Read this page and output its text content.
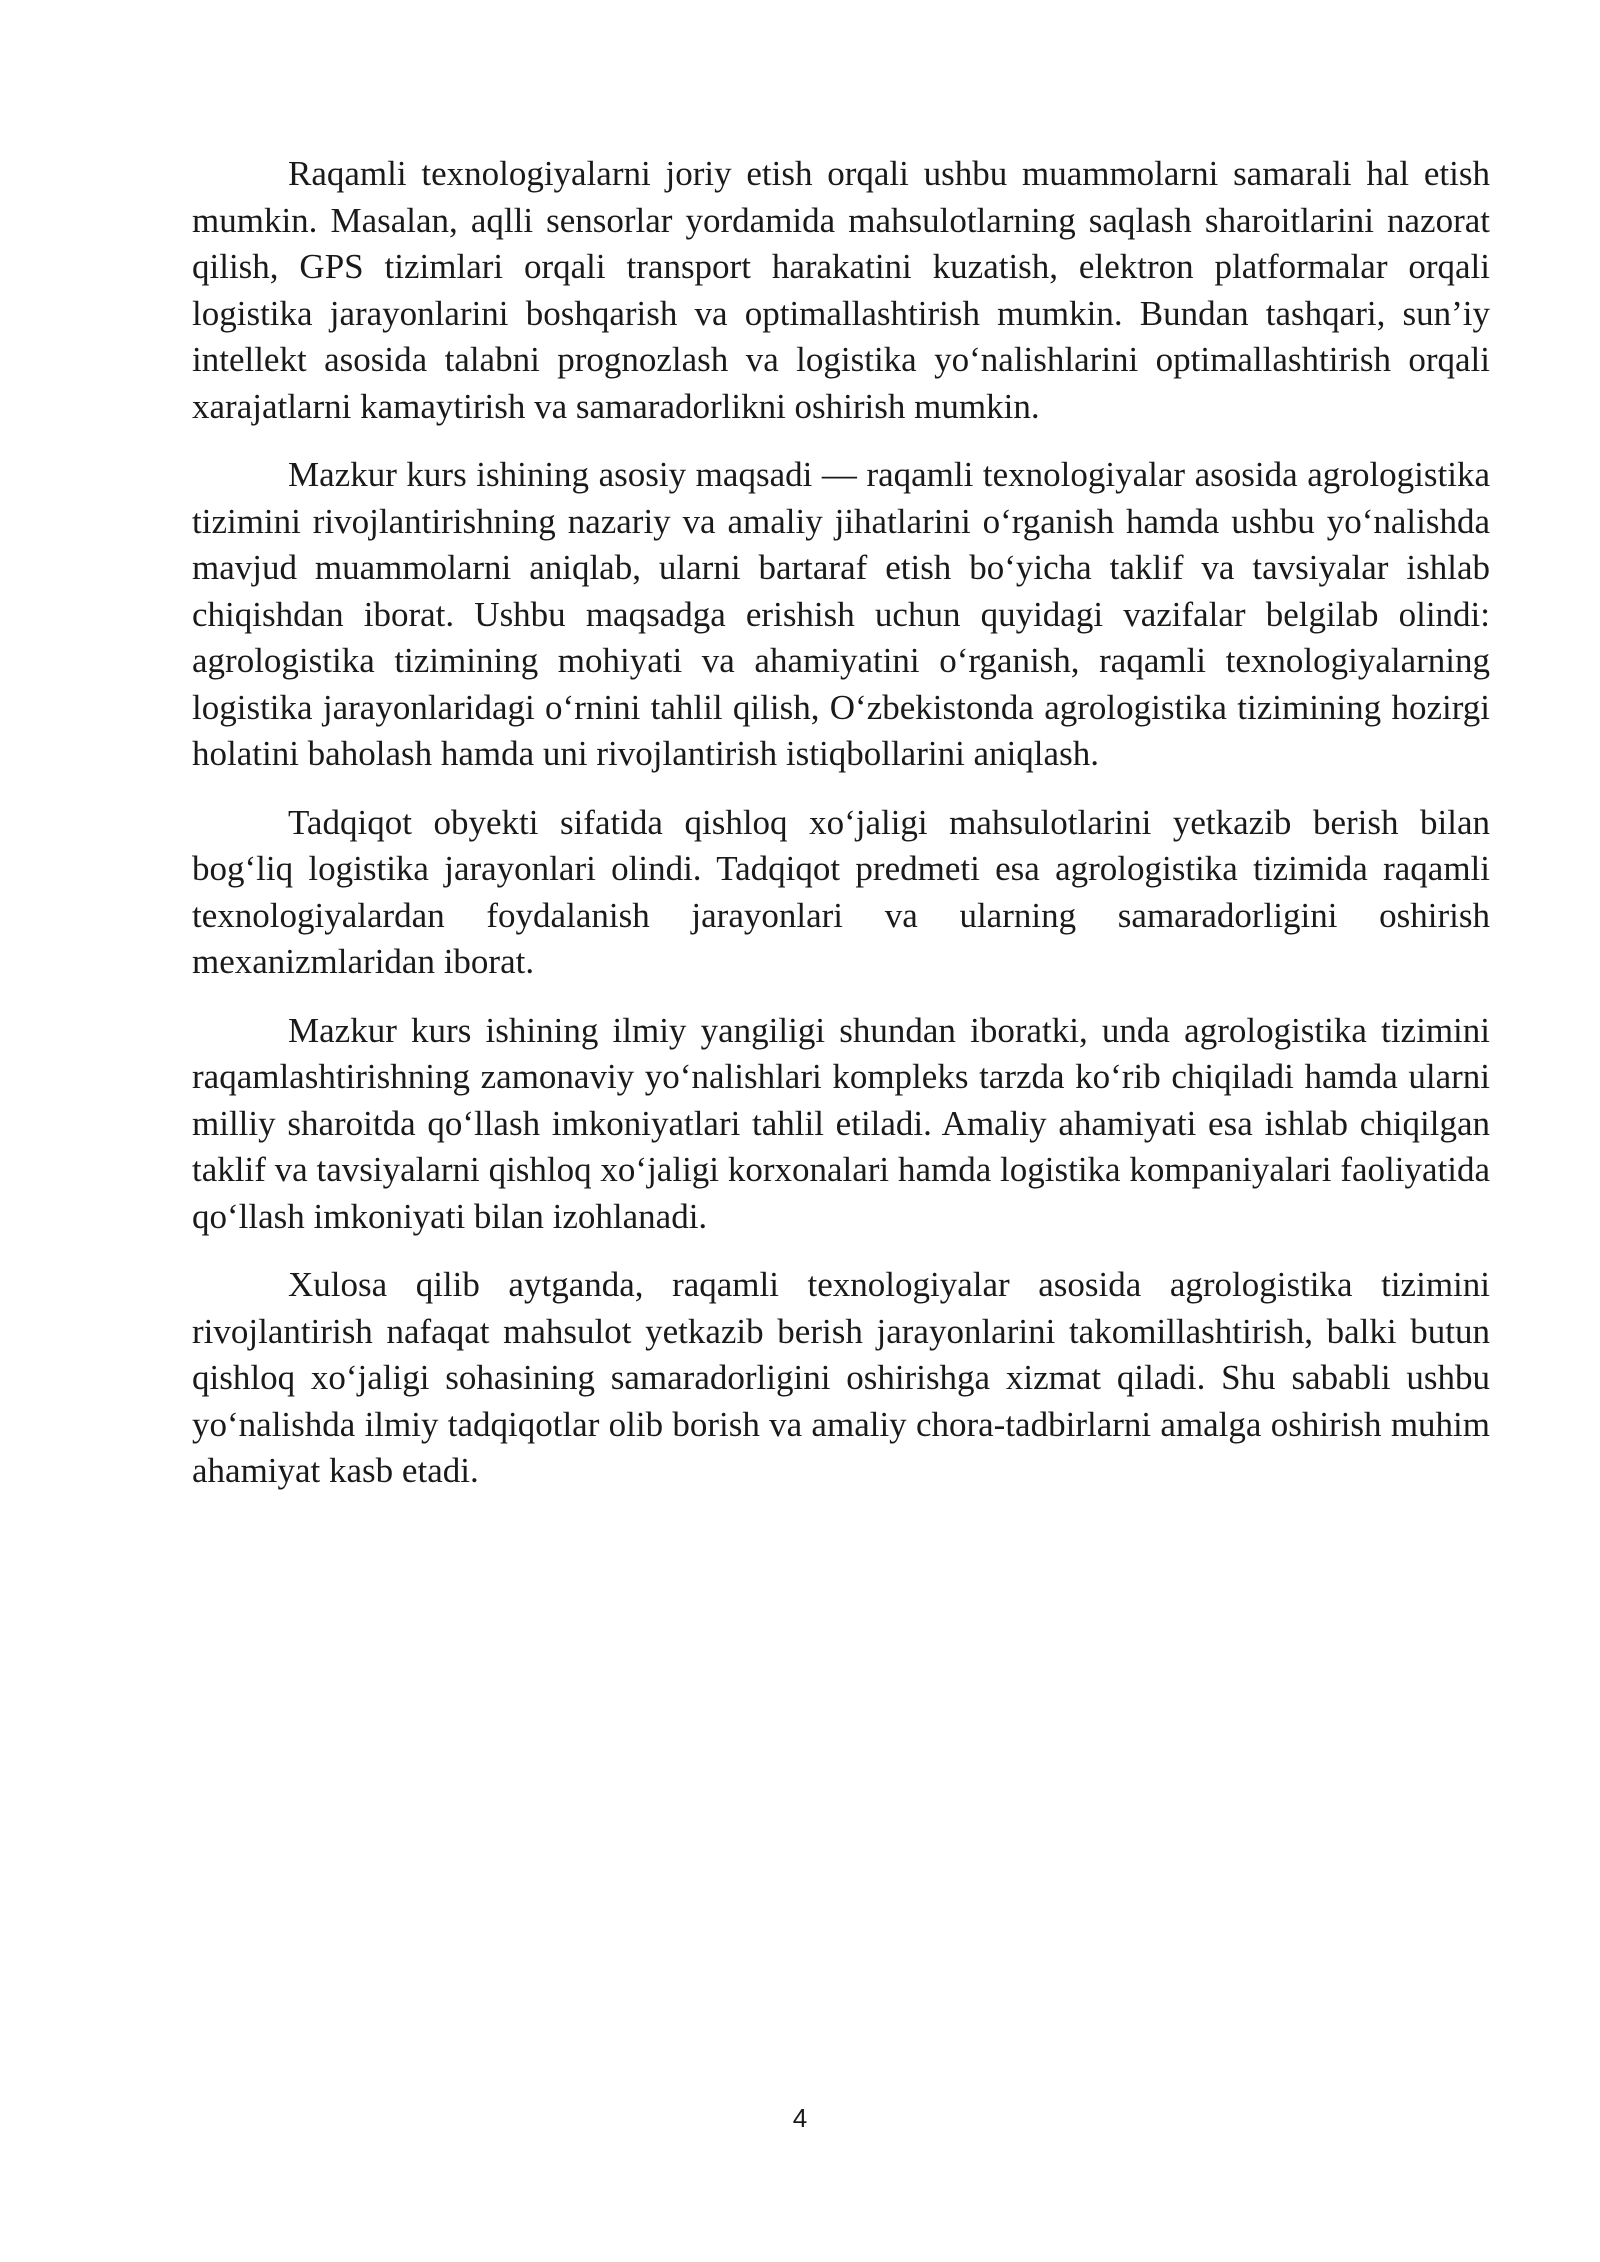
Raqamli texnologiyalarni joriy etish orqali ushbu muammolarni samarali hal etish mumkin. Masalan, aqlli sensorlar yordamida mahsulotlarning saqlash sharoitlarini nazorat qilish, GPS tizimlari orqali transport harakatini kuzatish, elektron platformalar orqali logistika jarayonlarini boshqarish va optimallashtirish mumkin. Bundan tashqari, sun’iy intellekt asosida talabni prognozlash va logistika yo‘nalishlarini optimallashtirish orqali xarajatlarni kamaytirish va samaradorlikni oshirish mumkin.

Mazkur kurs ishining asosiy maqsadi — raqamli texnologiyalar asosida agrologistika tizimini rivojlantirishning nazariy va amaliy jihatlarini o‘rganish hamda ushbu yo‘nalishda mavjud muammolarni aniqlab, ularni bartaraf etish bo‘yicha taklif va tavsiyalar ishlab chiqishdan iborat. Ushbu maqsadga erishish uchun quyidagi vazifalar belgilab olindi: agrologistika tizimining mohiyati va ahamiyatini o‘rganish, raqamli texnologiyalarning logistika jarayonlaridagi o‘rnini tahlil qilish, O‘zbekistonda agrologistika tizimining hozirgi holatini baholash hamda uni rivojlantirish istiqbollarini aniqlash.

Tadqiqot obyekti sifatida qishloq xo‘jaligi mahsulotlarini yetkazib berish bilan bog‘liq logistika jarayonlari olindi. Tadqiqot predmeti esa agrologistika tizimida raqamli texnologiyalardan foydalanish jarayonlari va ularning samaradorligini oshirish mexanizmlaridan iborat.

Mazkur kurs ishining ilmiy yangiligi shundan iboratki, unda agrologistika tizimini raqamlashtirishning zamonaviy yo‘nalishlari kompleks tarzda ko‘rib chiqiladi hamda ularni milliy sharoitda qo‘llash imkoniyatlari tahlil etiladi. Amaliy ahamiyati esa ishlab chiqilgan taklif va tavsiyalarni qishloq xo‘jaligi korxonalari hamda logistika kompaniyalari faoliyatida qo‘llash imkoniyati bilan izohlanadi.

Xulosa qilib aytganda, raqamli texnologiyalar asosida agrologistika tizimini rivojlantirish nafaqat mahsulot yetkazib berish jarayonlarini takomillashtirish, balki butun qishloq xo‘jaligi sohasining samaradorligini oshirishga xizmat qiladi. Shu sababli ushbu yo‘nalishda ilmiy tadqiqotlar olib borish va amaliy chora-tadbirlarni amalga oshirish muhim ahamiyat kasb etadi.

4
